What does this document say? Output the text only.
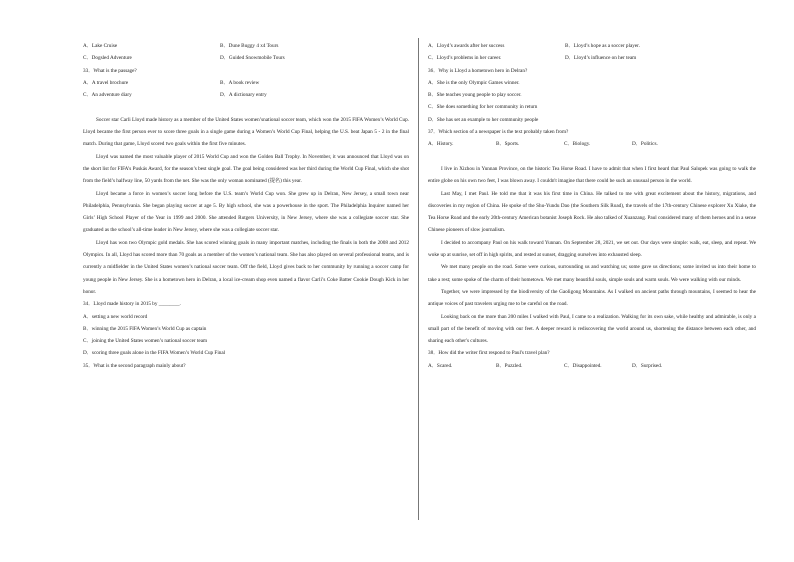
A．Lake Cruise	B．Dune Buggy 4 x4 Tours
C．Dogsled Adventure	D．Guided Snowmobile Tours
33．What is the passage?
A．A travel brochure	B．A book review
C．An adventure diary	D．A dictionary entry
Soccer star Carli Lloyd made history as a member of the United States women’snational soccer team, which won the 2015 FIFA Women’s World Cup. Lloyd became the first person ever to score three goals in a single game during a Women’s World Cup Final, helping the U.S. beat Japan 5 - 2 in the final match. During that game, Lloyd scored two goals within the first five minutes.
Lloyd was named the most valuable player of 2015 World Cup and won the Golden Ball Trophy. In November, it was announced that Lloyd was on the short list for FIFA’s Puskás Award, for the season’s best single goal. The goal being considered was her third during the World Cup Final, which she shot from the field’s halfway line, 50 yards from the net. She was the only woman nominated (提名) this year.
Lloyd became a force in women’s soccer long before the U.S. team’s World Cup won. She grew up in Delran, New Jersey, a small town near Philadelphia, Pennsylvania. She began playing soccer at age 5. By high school, she was a powerhouse in the sport. The Philadelphia Inquirer named her Girls’ High School Player of the Year in 1999 and 2000. She attended Rutgers University, in New Jersey, where she was a collegiate soccer star. She graduated as the school’s all-time leader in New Jersey, where she was a collegiate soccer star.
Lloyd has won two Olympic gold medals. She has scored winning goals in many important matches, including the finals in both the 2008 and 2012 Olympics. In all, Lloyd has scored more than 70 goals as a member of the women’s national team. She has also played on several professional teams, and is currently a midfielder in the United States women’s national soccer team. Off the field, Lloyd gives back to her community by running a soccer camp for young people in New Jersey. She is a hometown hero in Delran, a local ice-cream shop even named a flavor Carli’s Coke Batter Cookie Dough Kick in her honor.
34．Lloyd made history in 2015 by ________.
A．setting a new world record
B．winning the 2015 FIFA Women’s World Cup as captain
C．joining the United States women’s national soccer team
D．scoring three goals alone in the FIFA Women’s World Cup Final
35．What is the second paragraph mainly about?
A．Lloyd’s awards after her success	B．Lloyd’s hope as a soccer player.
C．Lloyd’s problems in her career.	D．Lloyd’s influence on her team
36．Why is Lloyd a hometown hero in Delran?
A．She is the only Olympic Games winner.
B．She teaches young people to play soccer.
C．She does something for her community in return
D．She has set an example to her community people
37．Which section of a newspaper is the text probably taken from?
A．History.	B．Sports.	C．Biology.	D．Politics.
I live in Xizhou in Yunnan Province, on the historic Tea Horse Road. I have to admit that when I first heard that Paul Salopek was going to walk the entire globe on his own two feet, I was blown away. I couldn't imagine that there could be such an unusual person in the world.
Last May, I met Paul. He told me that it was his first time in China. He talked to me with great excitement about the history, migrations, and discoveries in my region of China. He spoke of the Shu-Yundu Dao (the Southern Silk Road), the travels of the 17th-century Chinese explorer Xu Xiake, the Tea Horse Road and the early 20th-century American botanist Joseph Rock. He also talked of Xuanzang. Paul considered many of them heroes and in a sense Chinese pioneers of slow journalism.
I decided to accompany Paul on his walk toward Yunnan. On September 28, 2021, we set out. Our days were simple: walk, eat, sleep, and repeat. We woke up at sunrise, set off in high spirits, and rested at sunset, dragging ourselves into exhausted sleep.
We met many people on the road. Some were curious, surrounding us and watching us; some gave us directions; some invited us into their home to take a rest; some spoke of the charm of their hometown. We met many beautiful souls, simple souls and warm souls. We were walking with our minds.
Together, we were impressed by the biodiversity of the Gaoligong Mountains. As I walked on ancient paths through mountains, I seemed to hear the antique voices of past travelers urging me to be careful on the road.
Looking back on the more than 200 miles I walked with Paul, I came to a realization. Walking for its own sake, while healthy and admirable, is only a small part of the benefit of moving with our feet. A deeper reward is rediscovering the world around us, shortening the distance between each other, and sharing each other's cultures.
38．How did the writer first respond to Paul's travel plan?
A．Scared.	B．Puzzled.	C．Disappointed.	D．Surprised.
